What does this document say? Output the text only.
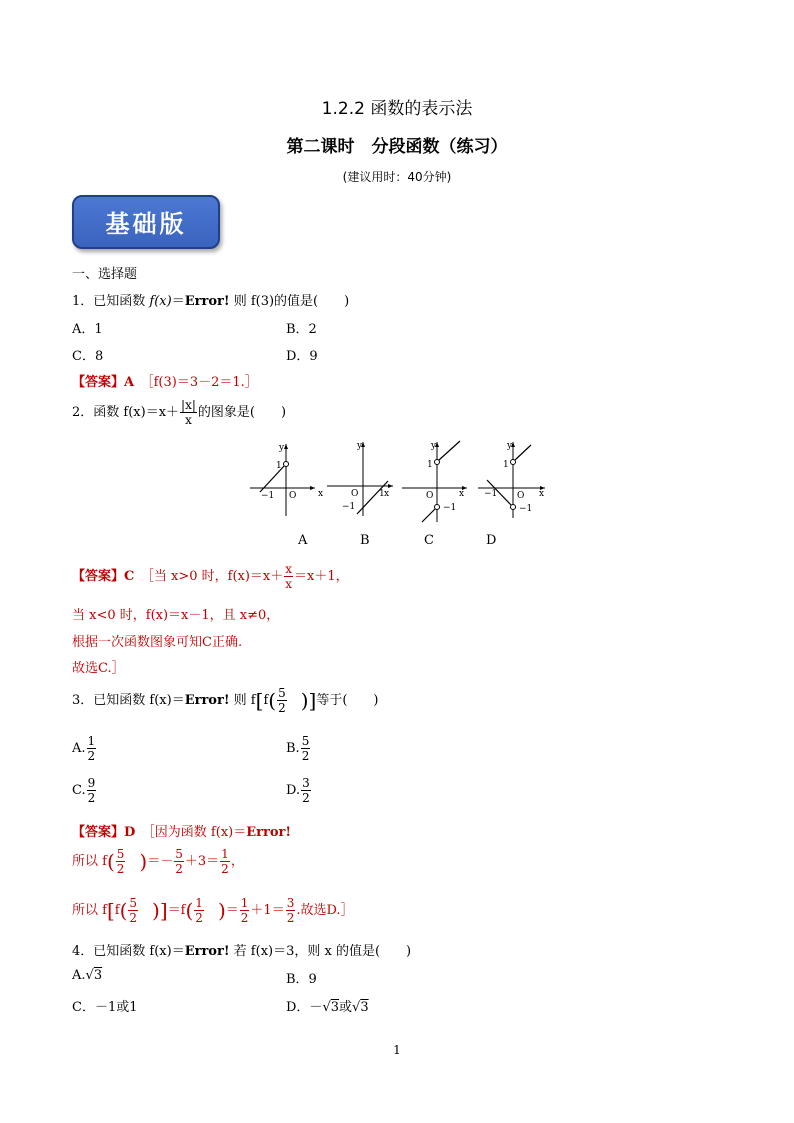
1.2.2 函数的表示法
第二课时　分段函数（练习）
(建议用时：40分钟)
基础版
一、选择题
1．已知函数 f(x)＝Error! 则 f(3)的值是(　　)
A．1	B．2
C．8	D．9
【答案】A　 ［f(3)＝3－2＝1.］
2．函数 $f(x)=x+ \frac{|x|}{x}$ 的图象是(　　)
y
x
1
O
−1
y
O 1 x
−1
y
1
O	x
−1
y
1
O
−1	x
−1
A	B	C	D
【答案】C　 ［当 x>0 时，$f(x)=x+ \frac{x}{x} =x+1$，
当 x<0 时，f(x)＝x－1，且 x≠0，
根据一次函数图象可知C正确.
故选C.］
3．已知函数 f(x)＝Error! 则 $f[f( \frac{5}{2}$
　 )]等于(　　)
A. $\frac{1}{2}$	B. $\frac{5}{2}$
C. $\frac{9}{2}$	D. $\frac{3}{2}$
【答案】D　 ［因为函数 f(x)＝Error!
所以 $f( \frac{5}{2}$
　 )＝－ $\frac{5}{2} +3= \frac{1}{2}$ ，
所以 $f[f( \frac{5}{2}$
　 )]$=f( \frac{1}{2}$
　 )＝ $\frac{1}{2} +1= \frac{3}{2}$ .故选D.］
4．已知函数 f(x)＝Error! 若 f(x)＝3，则 x 的值是(　　)
A.√3	B．9
C．－1或1	D．－√3或√3
1
